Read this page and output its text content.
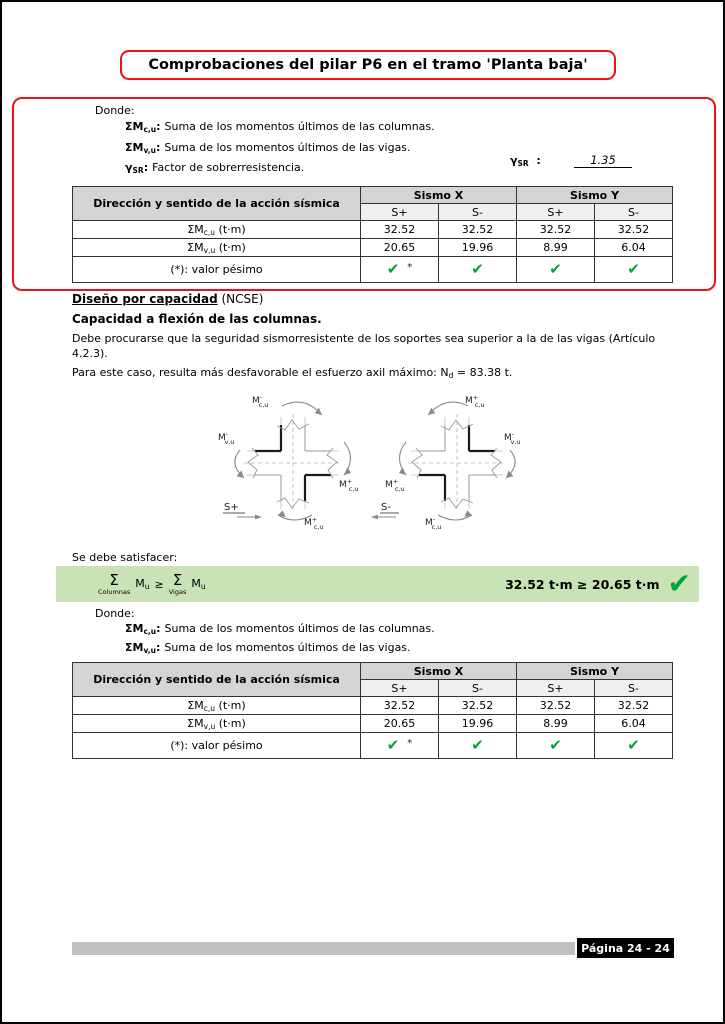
Comprobaciones del pilar P6 en el tramo 'Planta baja'
Donde:
$\Sigma M_{c,u}$: Suma de los momentos últimos de las columnas.
$\Sigma M_{v,u}$: Suma de los momentos últimos de las vigas.
$\gamma_{SR}$: Factor de sobrerresistencia.
$\gamma_{SR}$ :	1.35
Dirección y sentido de la acción sísmica	Sismo X		Sismo Y	
	S+	S-	S+	S-
$\Sigma M_{c,u}$ (t·m)	32.52	32.52	32.52	32.52
$\Sigma M_{v,u}$ (t·m)	20.65	19.96	8.99	6.04
(*): valor pésimo	✔ *	✔	✔	✔
Diseño por capacidad (NCSE)
Capacidad a flexión de las columnas.
Debe procurarse que la seguridad sismorresistente de los soportes sea superior a la de las vigas (Artículo 4.2.3).
Para este caso, resulta más desfavorable el esfuerzo axil máximo: $N_d = 83.38$ t.
M-c,u
M-v,u
M+ c,u
M+ c,u
S+
M+ c,u
M-v,u
M+ c,u
M-c,u
S-
Se debe satisfacer:
Σ
Columnas
$M_u \ge \Sigma$
Vigas
$M_u$	32.52 t·m ≥ 20.65 t·m ✔
Donde:
$\Sigma M_{c,u}$: Suma de los momentos últimos de las columnas.
$\Sigma M_{v,u}$: Suma de los momentos últimos de las vigas.
Dirección y sentido de la acción sísmica	Sismo X		Sismo Y	
	S+	S-	S+	S-
$\Sigma M_{c,u}$ (t·m)	32.52	32.52	32.52	32.52
$\Sigma M_{v,u}$ (t·m)	20.65	19.96	8.99	6.04
(*): valor pésimo	✔ *	✔	✔	✔
Página 24 - 24
